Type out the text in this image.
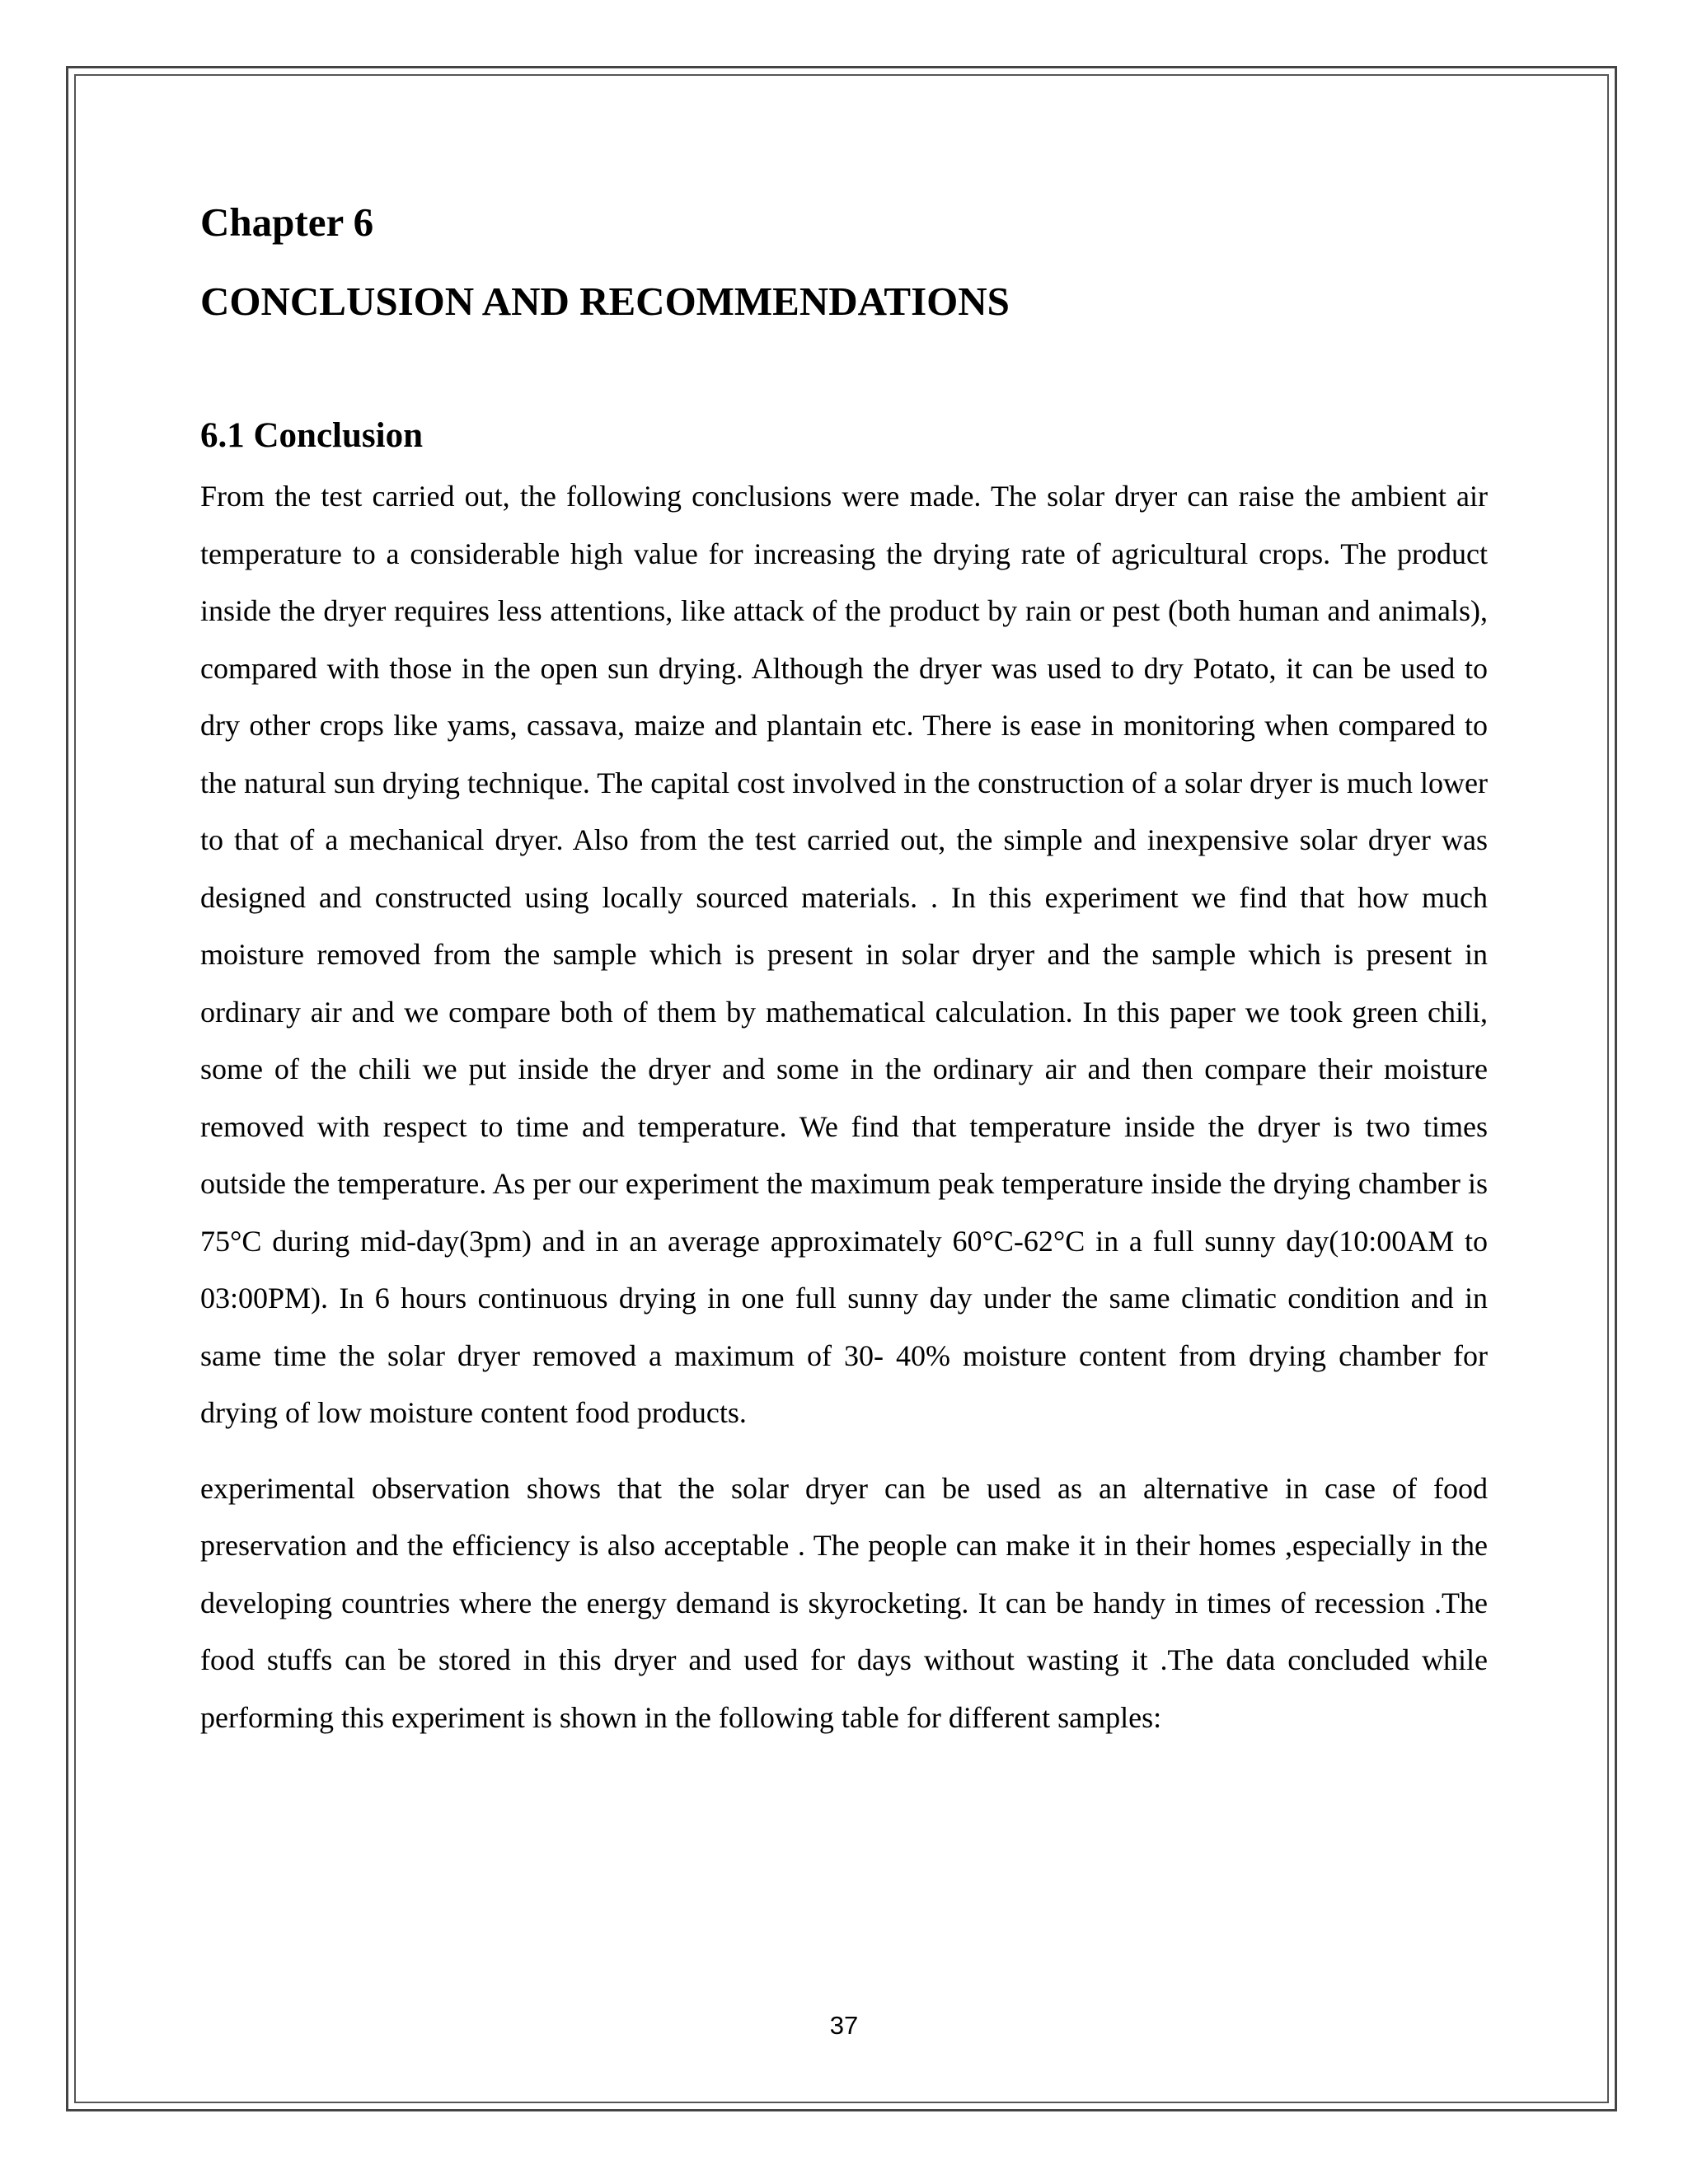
Chapter 6
CONCLUSION AND RECOMMENDATIONS
6.1 Conclusion

From the test carried out, the following conclusions were made. The solar dryer can raise the ambient air temperature to a considerable high value for increasing the drying rate of agricultural crops. The product inside the dryer requires less attentions, like attack of the product by rain or pest (both human and animals), compared with those in the open sun drying. Although the dryer was used to dry Potato, it can be used to dry other crops like yams, cassava, maize and plantain etc. There is ease in monitoring when compared to the natural sun drying technique. The capital cost involved in the construction of a solar dryer is much lower to that of a mechanical dryer. Also from the test carried out, the simple and inexpensive solar dryer was designed and constructed using locally sourced materials. . In this experiment we find that how much moisture removed from the sample which is present in solar dryer and the sample which is present in ordinary air and we compare both of them by mathematical calculation. In this paper we took green chili, some of the chili we put inside the dryer and some in the ordinary air and then compare their moisture removed with respect to time and temperature. We find that temperature inside the dryer is two times outside the temperature. As per our experiment the maximum peak temperature inside the drying chamber is 75°C during mid-day(3pm) and in an average approximately 60°C-62°C in a full sunny day(10:00AM to 03:00PM). In 6 hours continuous drying in one full sunny day under the same climatic condition and in same time the solar dryer removed a maximum of 30- 40% moisture content from drying chamber for drying of low moisture content food products.

experimental observation shows that the solar dryer can be used as an alternative in case of food preservation and the efficiency is also acceptable . The people can make it in their homes ,especially in the developing countries where the energy demand is skyrocketing. It can be handy in times of recession .The food stuffs can be stored in this dryer and used for days without wasting it .The data concluded while performing this experiment is shown in the following table for different samples:

37
